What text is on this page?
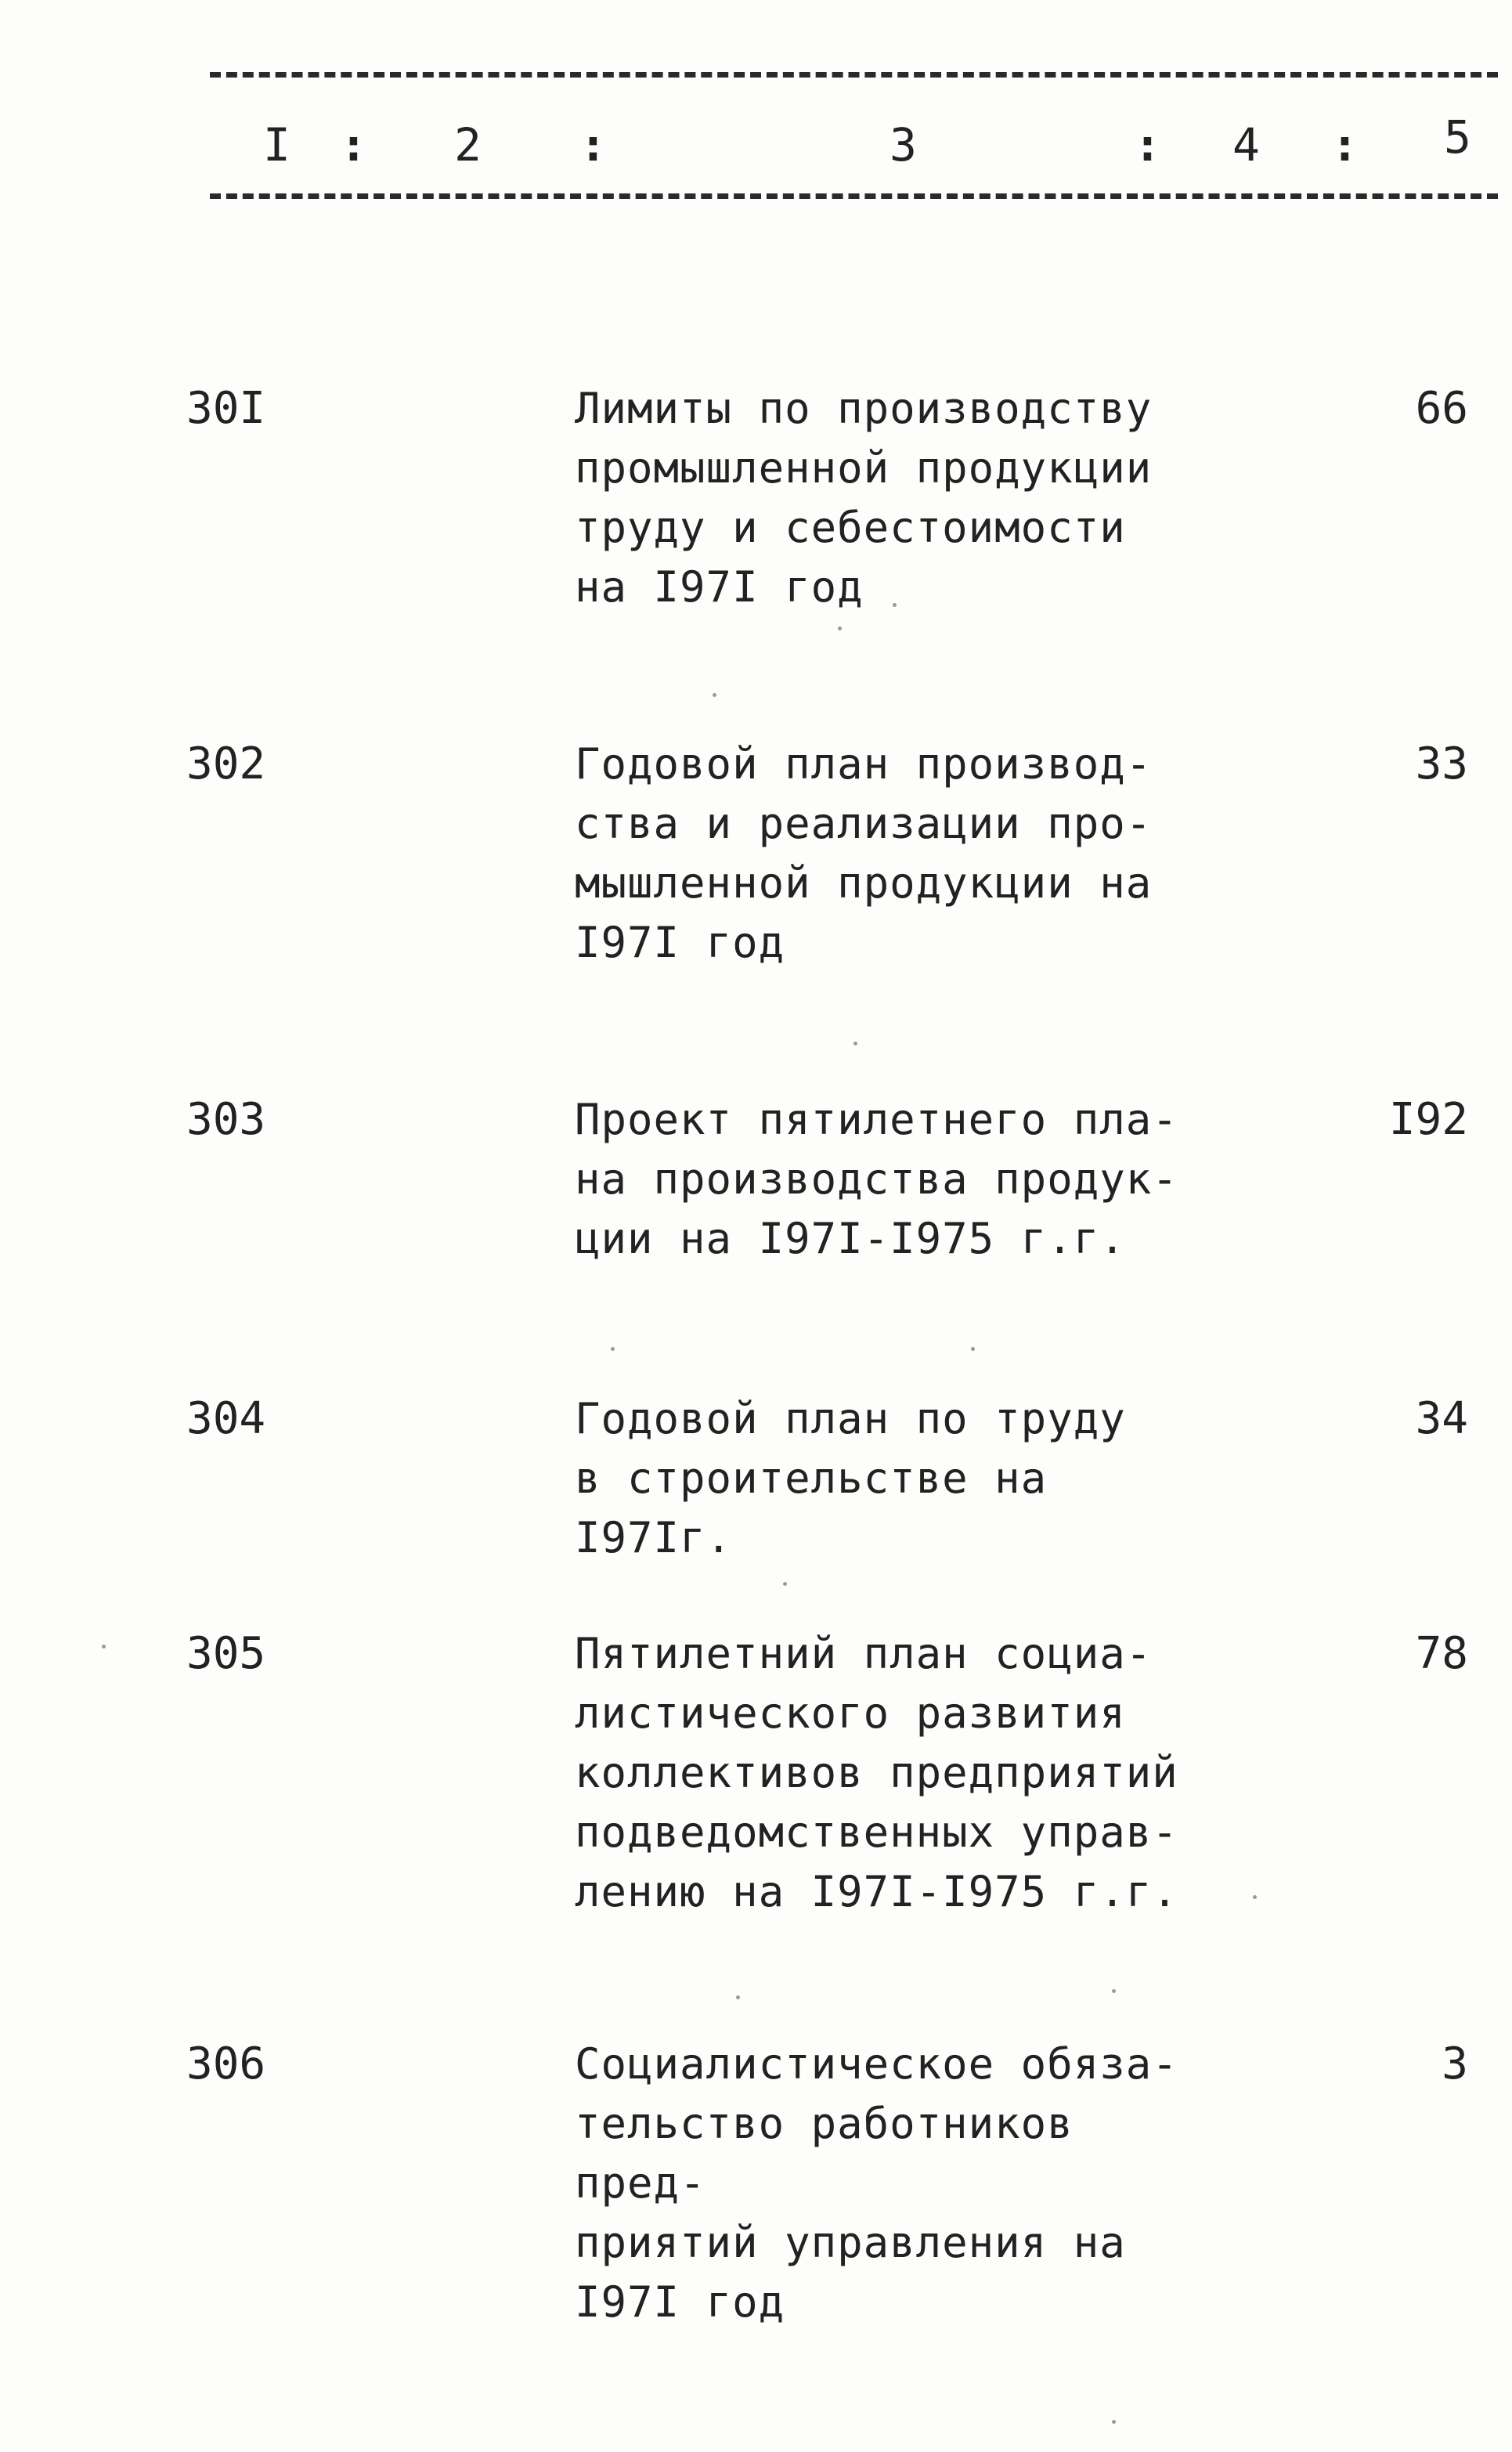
I : 2 :	3	: 4 : 5
30I	Лимиты по производству
промышленной продукции
труду и себестоимости
на I97I год
66
302	Годовой план производ-
ства и реализации про-
мышленной продукции на
I97I год
33
303	Проект пятилетнего пла-
на производства продук-
ции на I97I-I975 г.г.
I92
304	Годовой план по труду
в строительстве на I97Iг.
34
305	Пятилетний план социа-
листического развития
коллективов предприятий
подведомственных управ-
лению на I97I-I975 г.г.
78
306	Социалистическое обяза-
тельство работников пред-
приятий управления на
I97I год
3
